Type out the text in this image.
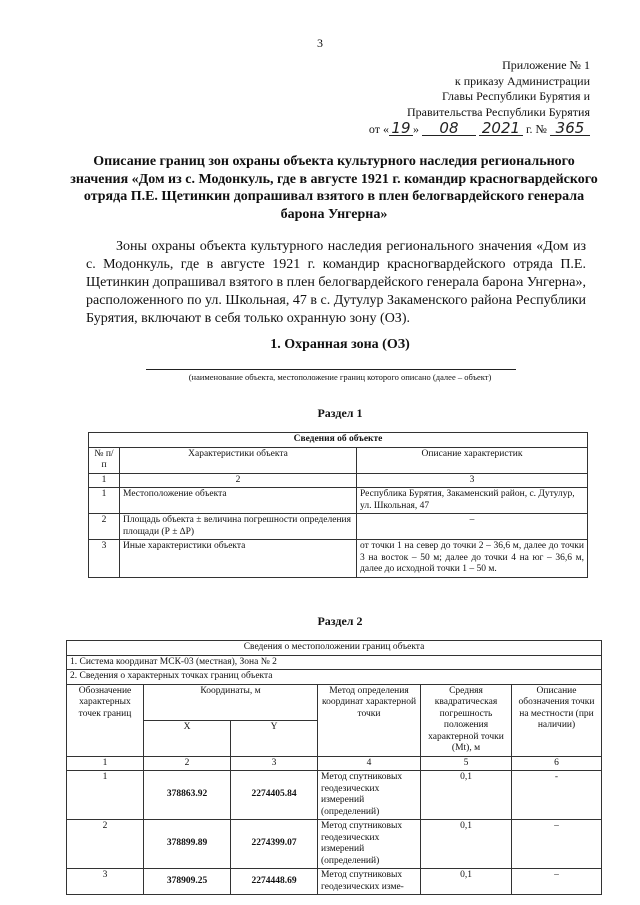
3
Приложение № 1
к приказу Администрации
Главы Республики Бурятия и
Правительства Республики Бурятия
от « 19 » 08 2021 г. № 365
Описание границ зон охраны объекта культурного наследия регионального значения «Дом из с. Модонкуль, где в августе 1921 г. командир красногвардейского отряда П.Е. Щетинкин допрашивал взятого в плен белогвардейского генерала барона Унгерна»
Зоны охраны объекта культурного наследия регионального значения «Дом из с. Модонкуль, где в августе 1921 г. командир красногвардейского отряда П.Е. Щетинкин допрашивал взятого в плен белогвардейского генерала барона Унгерна», расположенного по ул. Школьная, 47 в с. Дутулур Закаменского района Республики Бурятия, включают в себя только охранную зону (ОЗ).
1. Охранная зона (ОЗ)
(наименование объекта, местоположение границ которого описано (далее – объект)
Раздел 1
Сведения об объекте		
№ п/п	Характеристики объекта	Описание характеристик
1	2	3
1	Местоположение объекта	Республика Бурятия, Закаменский район, с. Дутулур, ул. Школьная, 47
2	Площадь объекта ± величина погрешности определения площади (Р ± ∆Р)	–
3	Иные характеристики объекта	от точки 1 на север до точки 2 – 36,6 м, далее до точки 3 на восток – 50 м; далее до точки 4 на юг – 36,6 м, далее до исходной точки 1 – 50 м.
Раздел 2
Сведения о местоположении границ объекта					
1. Система координат МСК-03 (местная), Зона № 2					
2. Сведения о характерных точках границ объекта					
Обозначение характерных точек границ	Координаты, м		Метод определения координат характерной точки	Средняя квадратическая погрешность положения характерной точки (Mt), м	Описание обозначения точки на местности (при наличии)
	X	Y			
1	2	3	4	5	6
1	378863.92	2274405.84	Метод спутниковых геодезических измерений (определений)	0,1	-
2	378899.89	2274399.07	Метод спутниковых геодезических измерений (определений)	0,1	–
3	378909.25	2274448.69	Метод спутниковых геодезических изме-	0,1	–
